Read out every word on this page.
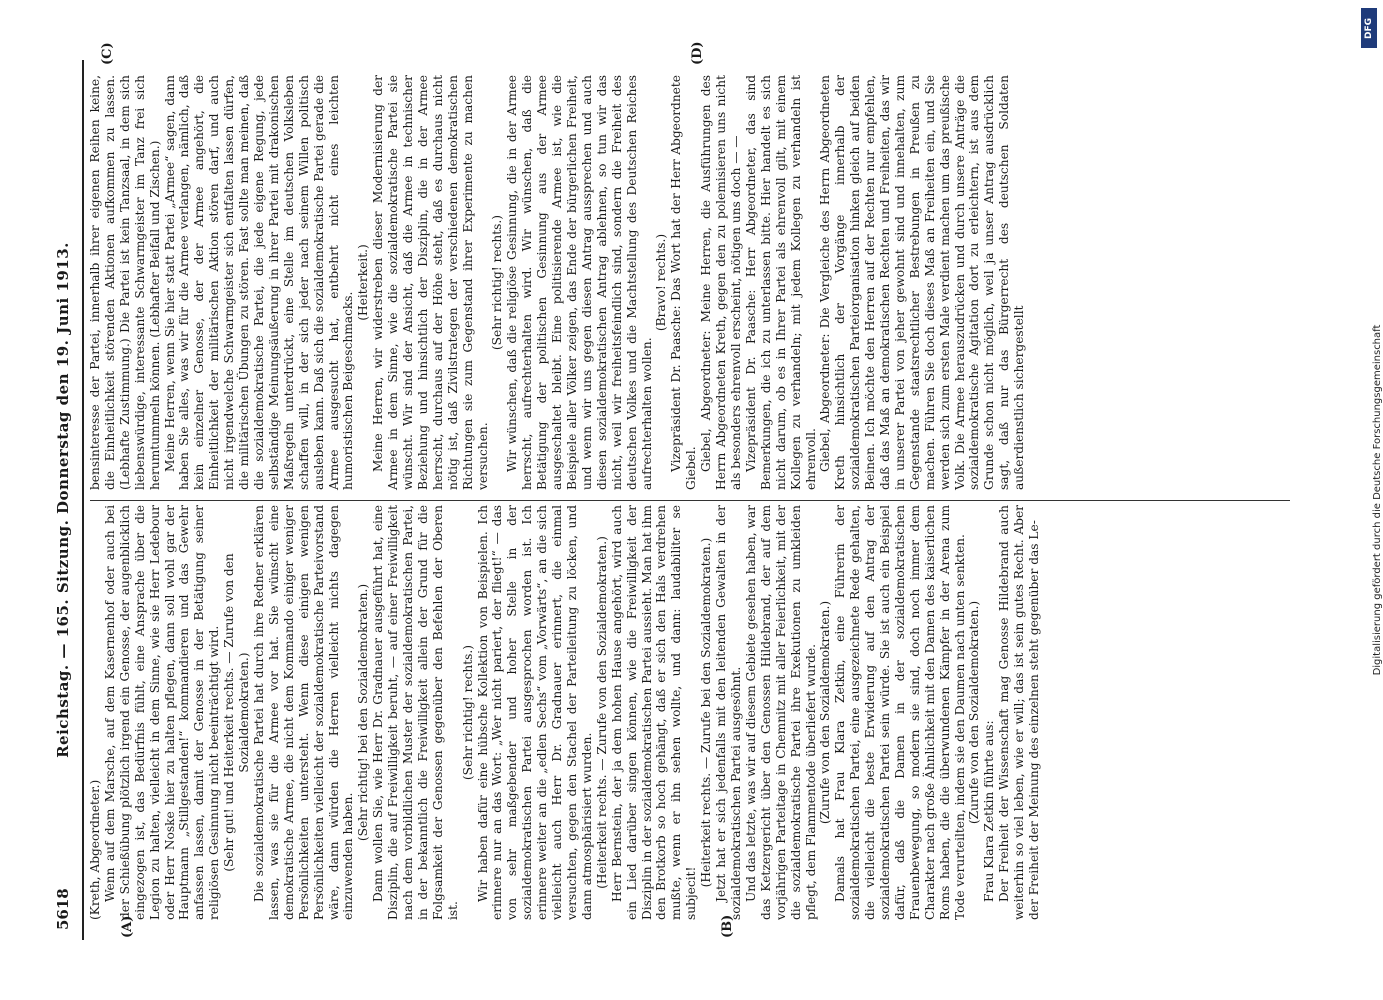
5618
Reichstag. — 165. Sitzung. Donnerstag den 19. Juni 1913.
(A)	(B)
(C)	(D)

(Kreth, Abgeordneter.) Wenn auf dem Marsche, auf dem Kasernenhof oder auch bei der Schießübung plötzlich irgend ein Genosse, der augenblicklich eingezogen ist, das Bedürfnis fühlt, eine Ansprache über die Legion zu halten, vielleicht in dem Sinne, wie sie Herr Ledebour oder Herr Noske hier zu halten pflegen, dann soll wohl gar der Hauptmann „Stillgestanden!“ kommandieren und das Gewehr anfassen lassen, damit der Genosse in der Betätigung seiner religiösen Gesinnung nicht beeinträchtigt wird. (Sehr gut! und Heiterkeit rechts. — Zurufe von den Sozialdemokraten.) Die sozialdemokratische Partei hat durch ihre Redner erklären lassen, was sie für die Armee vor hat. Sie wünscht eine demokratische Armee, die nicht dem Kommando einiger weniger Persönlichkeiten untersteht. Wenn diese einigen wenigen Persönlichkeiten vielleicht der sozialdemokratische Parteivorstand wäre, dann würden die Herren vielleicht nichts dagegen einzuwenden haben.

(Sehr richtig! bei den Sozialdemokraten.) Dann wollen Sie, wie Herr Dr. Gradnauer ausgeführt hat, eine Disziplin, die auf Freiwilligkeit beruht, — auf einer Freiwilligkeit nach dem vorbildlichen Muster der sozialdemokratischen Partei, in der bekanntlich die Freiwilligkeit allein der Grund für die Folgsamkeit der Genossen gegenüber den Befehlen der Oberen ist.

(Sehr richtig! rechts.) Wir haben dafür eine hübsche Kollektion von Beispielen. Ich erinnere nur an das Wort: „Wer nicht pariert, der fliegt!“ — das von sehr maßgebender und hoher Stelle in der sozialdemokratischen Partei ausgesprochen worden ist. Ich erinnere weiter an die „edlen Sechs“ vom „Vorwärts“, an die sich vielleicht auch Herr Dr. Gradnauer erinnert, die einmal versuchten, gegen den Stachel der Parteileitung zu löcken, und dann atmosphärisiert wurden. (Heiterkeit rechts. — Zurufe von den Sozialdemokraten.) Herr Bernstein, der ja dem hohen Hause angehört, wird auch ein Lied darüber singen können, wie die Freiwilligkeit der Disziplin in der sozialdemokratischen Partei aussieht. Man hat ihm den Brotkorb so hoch gehängt, daß er sich den Hals verdrehen mußte, wenn er ihn sehen wollte, und dann: laudabiliter se subjecit!

(Heiterkeit rechts. — Zurufe bei den Sozialdemokraten.) Jetzt hat er sich jedenfalls mit den leitenden Gewalten in der sozialdemokratischen Partei ausgesöhnt. Und das letzte, was wir auf diesem Gebiete gesehen haben, war das Ketzergericht über den Genossen Hildebrand, der auf dem vorjährigen Parteitage in Chemnitz mit aller Feierlichkeit, mit der die sozialdemokratische Partei ihre Exekutionen zu umkleiden pflegt, dem Flammentode überliefert wurde. (Zurufe von den Sozialdemokraten.) Damals hat Frau Klara Zetkin, eine Führerin der sozialdemokratischen Partei, eine ausgezeichnete Rede gehalten, die vielleicht die beste Erwiderung auf den Antrag der sozialdemokratischen Partei sein würde. Sie ist auch ein Beispiel dafür, daß die Damen in der sozialdemokratischen Frauenbewegung, so modern sie sind, doch noch immer dem Charakter nach große Ähnlichkeit mit den Damen des kaiserlichen Roms haben, die die überwundenen Kämpfer in der Arena zum Tode verurteilten, indem sie den Daumen nach unten senkten. (Zurufe von den Sozialdemokraten.) Frau Klara Zetkin führte aus: Der Freiheit der Wissenschaft mag Genosse Hildebrand auch weiterhin so viel leben, wie er will; das ist sein gutes Recht. Aber der Freiheit der Meinung des einzelnen steht gegenüber das Le-

bensinteresse der Partei, innerhalb ihrer eigenen Reihen keine, die Einheitlichkeit störenden Aktionen aufkommen zu lassen. (Lebhafte Zustimmung.) Die Partei ist kein Tanzsaal, in dem sich liebenswürdige, interessante Schwarmgeister im Tanz frei sich herumtummeln können. (Lebhafter Beifall und Zischen.) Meine Herren, wenn Sie hier statt Partei „Armee“ sagen, dann haben Sie alles, was wir für die Armee verlangen, nämlich, daß kein einzelner Genosse, der der Armee angehört, die Einheitlichkeit der militärischen Aktion stören darf, und auch nicht irgendwelche Schwarmgeister sich entfalten lassen dürfen, die militärischen Übungen zu stören. Fast sollte man meinen, daß die sozialdemokratische Partei, die jede eigene Regung, jede selbständige Meinungsäußerung in ihrer Partei mit drakonischen Maßregeln unterdrückt, eine Stelle im deutschen Volksleben schaffen will, in der sich jeder nach seinem Willen politisch ausleben kann. Daß sich die sozialdemokratische Partei gerade die Armee ausgesucht hat, entbehrt nicht eines leichten humoristischen Beigeschmacks.

(Heiterkeit.) Meine Herren, wir widerstreben dieser Modernisierung der Armee in dem Sinne, wie die sozialdemokratische Partei sie wünscht. Wir sind der Ansicht, daß die Armee in technischer Beziehung und hinsichtlich der Disziplin, die in der Armee herrscht, durchaus auf der Höhe steht, daß es durchaus nicht nötig ist, daß Zivilstrategen der verschiedenen demokratischen Richtungen sie zum Gegenstand ihrer Experimente zu machen versuchen.

(Sehr richtig! rechts.) Wir wünschen, daß die religiöse Gesinnung, die in der Armee herrscht, aufrechterhalten wird. Wir wünschen, daß die Betätigung der politischen Gesinnung aus der Armee ausgeschaltet bleibt. Eine politisierende Armee ist, wie die Beispiele aller Völker zeigen, das Ende der bürgerlichen Freiheit, und wenn wir uns gegen diesen Antrag aussprechen und auch diesen sozialdemokratischen Antrag ablehnen, so tun wir das nicht, weil wir freiheitsfeindlich sind, sondern die Freiheit des deutschen Volkes und die Machtstellung des Deutschen Reiches aufrechterhalten wollen.

(Bravo! rechts.) Vizepräsident Dr. Paasche: Das Wort hat der Herr Abgeordnete Giebel. Giebel, Abgeordneter: Meine Herren, die Ausführungen des Herrn Abgeordneten Kreth, gegen den zu polemisieren uns nicht als besonders ehrenvoll erscheint, nötigen uns doch — — Vizepräsident Dr. Paasche: Herr Abgeordneter, das sind Bemerkungen, die ich zu unterlassen bitte. Hier handelt es sich nicht darum, ob es in Ihrer Partei als ehrenvoll gilt, mit einem Kollegen zu verhandeln; mit jedem Kollegen zu verhandeln ist ehrenvoll. Giebel, Abgeordneter: Die Vergleiche des Herrn Abgeordneten Kreth hinsichtlich der Vorgänge innerhalb der sozialdemokratischen Parteiorganisation hinken gleich auf beiden Beinen. Ich möchte den Herren auf der Rechten nur empfehlen, daß das Maß an demokratischen Rechten und Freiheiten, das wir in unserer Partei von jeher gewohnt sind und innehalten, zum Gegenstande staatsrechtlicher Bestrebungen in Preußen zu machen. Führen Sie doch dieses Maß an Freiheiten ein, und Sie werden sich zum ersten Male verdient machen um das preußische Volk. Die Armee herauszudrücken und durch unsere Anträge die sozialdemokratische Agitation dort zu erleichtern, ist aus dem Grunde schon nicht möglich, weil ja unser Antrag ausdrücklich sagt, daß nur das Bürgerrecht des deutschen Soldaten außerdienstlich sichergestellt	Digitalisierung gefördert durch die Deutsche Forschungsgemeinschaft
DFG
